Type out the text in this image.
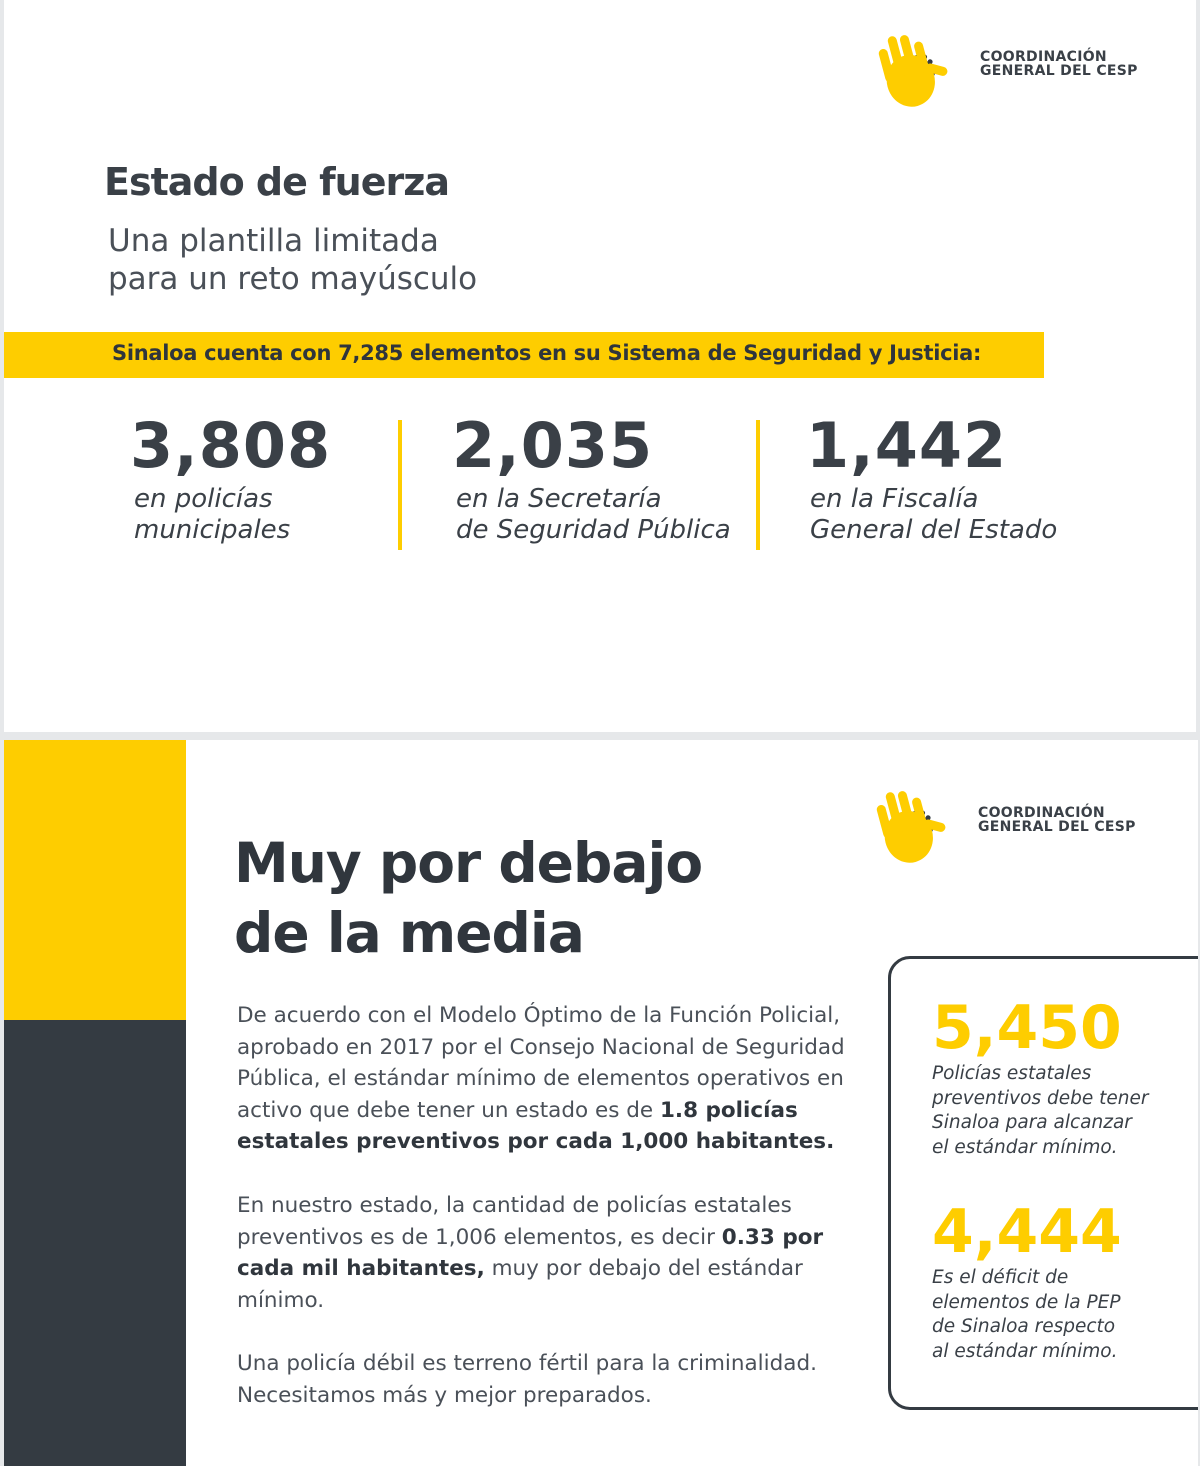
COORDINACIÓN
GENERAL DEL CESP
Estado de fuerza
Una plantilla limitada
para un reto mayúsculo
Sinaloa cuenta con 7,285 elementos en su Sistema de Seguridad y Justicia:
3,808
en policías
municipales
2,035
en la Secretaría
de Seguridad Pública
1,442
en la Fiscalía
General del Estado
COORDINACIÓN
GENERAL DEL CESP
Muy por debajo
de la media

De acuerdo con el Modelo Óptimo de la Función Policial, aprobado en 2017 por el Consejo Nacional de Seguridad Pública, el estándar mínimo de elementos operativos en activo que debe tener un estado es de 1.8 policías estatales preventivos por cada 1,000 habitantes.

En nuestro estado, la cantidad de policías estatales preventivos es de 1,006 elementos, es decir 0.33 por cada mil habitantes, muy por debajo del estándar mínimo.

Una policía débil es terreno fértil para la criminalidad. Necesitamos más y mejor preparados.

5,450
Policías estatales
preventivos debe tener
Sinaloa para alcanzar
el estándar mínimo.
4,444
Es el déficit de
elementos de la PEP
de Sinaloa respecto
al estándar mínimo.
